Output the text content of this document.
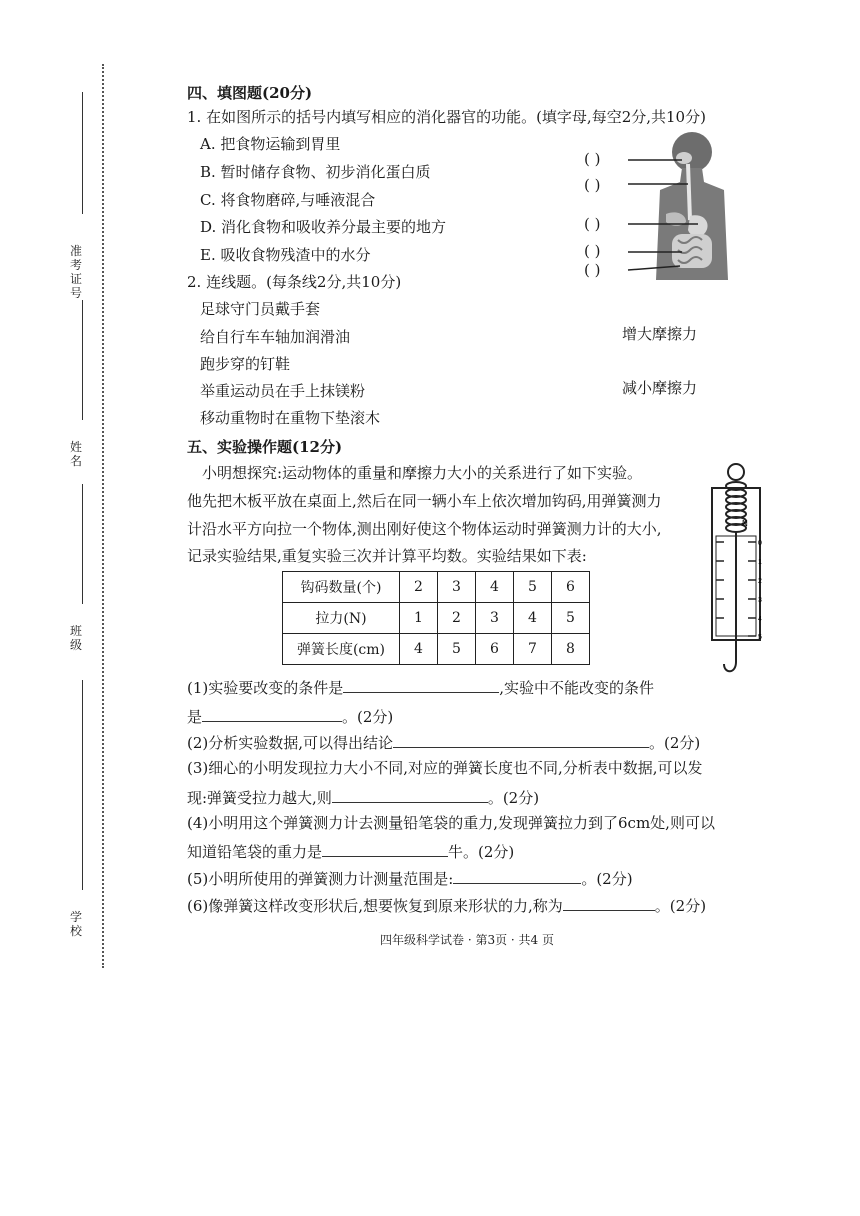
准考证号
姓名
班级
学校
四、填图题(20分)
1. 在如图所示的括号内填写相应的消化器官的功能。(填字母,每空2分,共10分)
A. 把食物运输到胃里
B. 暂时储存食物、初步消化蛋白质
C. 将食物磨碎,与唾液混合
D. 消化食物和吸收养分最主要的地方
E. 吸收食物残渣中的水分
( )
( )
( )
( )
( )
2. 连线题。(每条线2分,共10分)
足球守门员戴手套
给自行车车轴加润滑油
跑步穿的钉鞋
举重运动员在手上抹镁粉
移动重物时在重物下垫滚木
增大摩擦力
减小摩擦力
五、实验操作题(12分)
小明想探究:运动物体的重量和摩擦力大小的关系进行了如下实验。
他先把木板平放在桌面上,然后在同一辆小车上依次增加钩码,用弹簧测力
计沿水平方向拉一个物体,测出刚好使这个物体运动时弹簧测力计的大小,
记录实验结果,重复实验三次并计算平均数。实验结果如下表:
钩码数量(个)	2	3	4	5	6
拉力(N)	1	2	3	4	5
弹簧长度(cm)	4	5	6	7	8
N
0
1
2
3
4
5
(1)实验要改变的条件是	,实验中不能改变的条件
是	。(2分)
(2)分析实验数据,可以得出结论	。(2分)
(3)细心的小明发现拉力大小不同,对应的弹簧长度也不同,分析表中数据,可以发
现:弹簧受拉力越大,则	。(2分)
(4)小明用这个弹簧测力计去测量铅笔袋的重力,发现弹簧拉力到了6cm处,则可以
知道铅笔袋的重力是	牛。(2分)
(5)小明所使用的弹簧测力计测量范围是:	。(2分)
(6)像弹簧这样改变形状后,想要恢复到原来形状的力,称为	。(2分)
四年级科学试卷 · 第3页 · 共4 页
